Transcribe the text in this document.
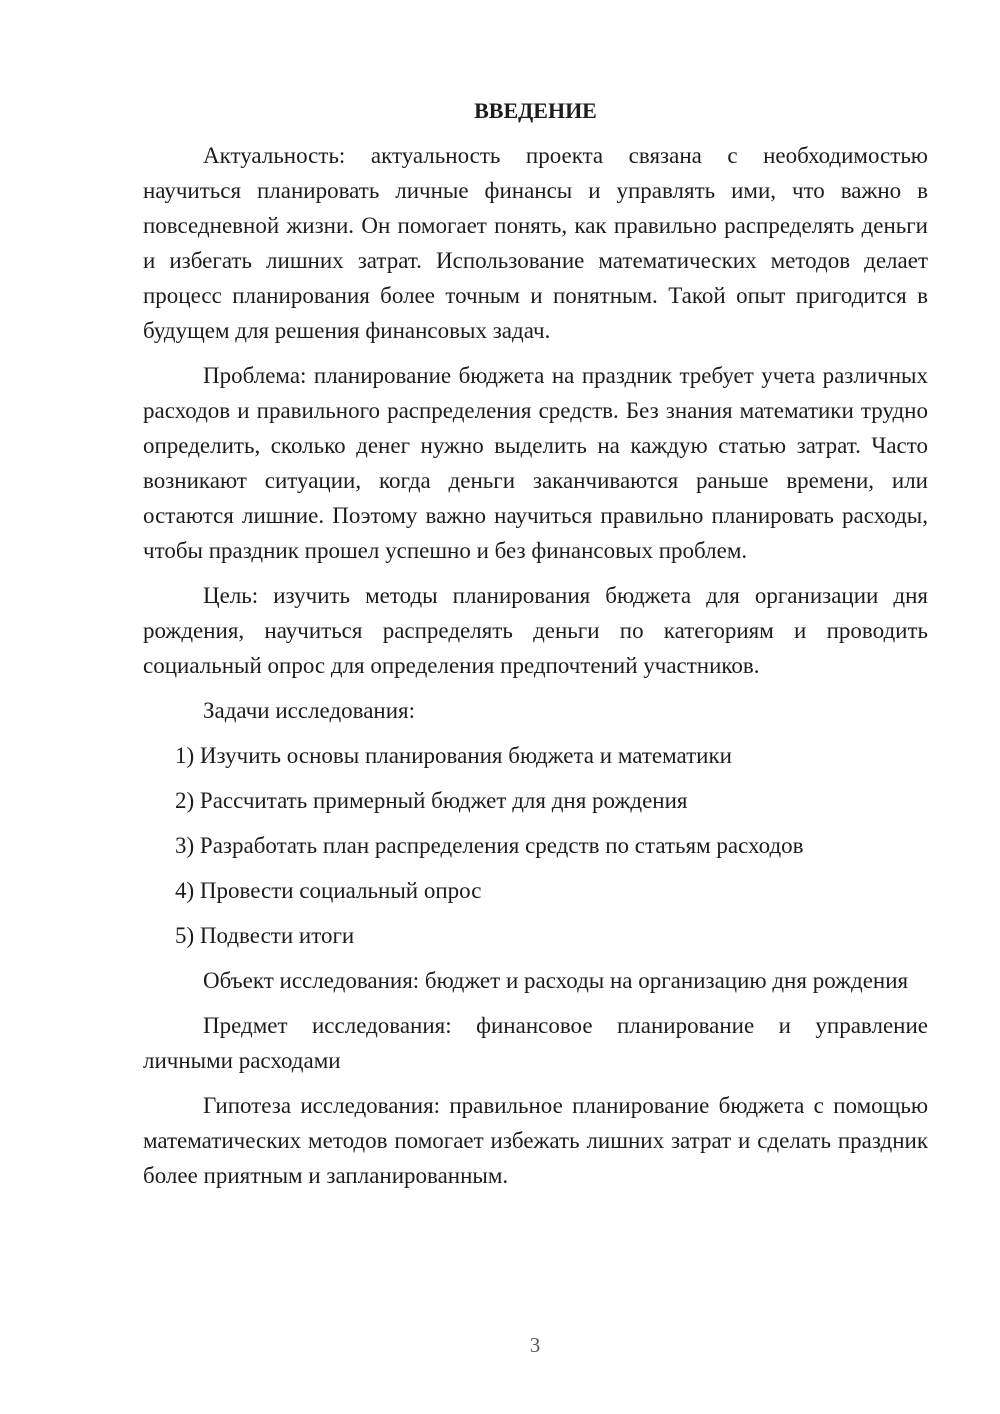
ВВЕДЕНИЕ

Актуальность: актуальность проекта связана с необходимостью научиться планировать личные финансы и управлять ими, что важно в повседневной жизни. Он помогает понять, как правильно распределять деньги и избегать лишних затрат. Использование математических методов делает процесс планирования более точным и понятным. Такой опыт пригодится в будущем для решения финансовых задач.

Проблема: планирование бюджета на праздник требует учета различных расходов и правильного распределения средств. Без знания математики трудно определить, сколько денег нужно выделить на каждую статью затрат. Часто возникают ситуации, когда деньги заканчиваются раньше времени, или остаются лишние. Поэтому важно научиться правильно планировать расходы, чтобы праздник прошел успешно и без финансовых проблем.

Цель: изучить методы планирования бюджета для организации дня рождения, научиться распределять деньги по категориям и проводить социальный опрос для определения предпочтений участников.

Задачи исследования:

1) Изучить основы планирования бюджета и математики
2) Рассчитать примерный бюджет для дня рождения
3) Разработать план распределения средств по статьям расходов
4) Провести социальный опрос
5) Подвести итоги

Объект исследования: бюджет и расходы на организацию дня рождения

Предмет исследования: финансовое планирование и управление личными расходами

Гипотеза исследования: правильное планирование бюджета с помощью математических методов помогает избежать лишних затрат и сделать праздник более приятным и запланированным.

3
